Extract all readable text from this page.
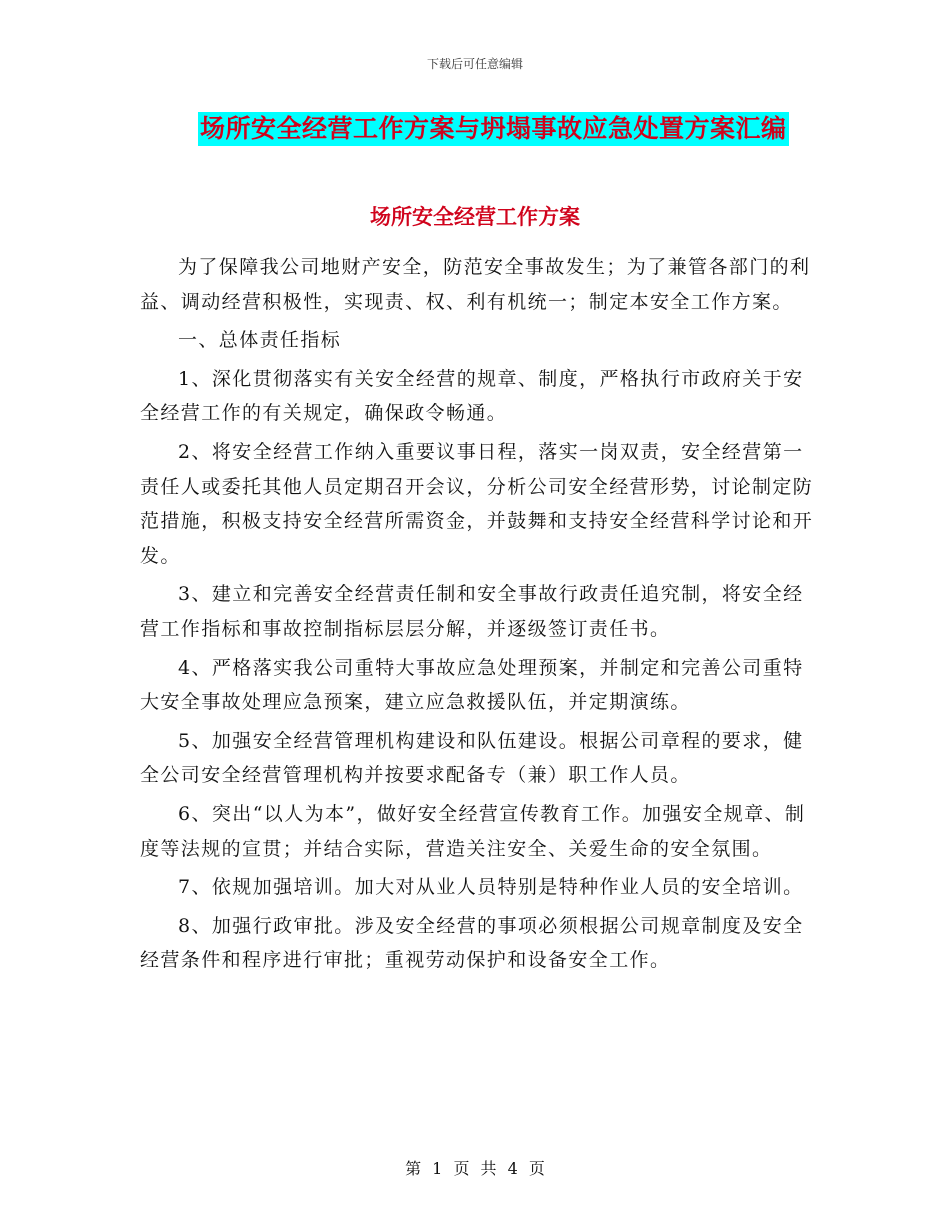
下载后可任意编辑
场所安全经营工作方案与坍塌事故应急处置方案汇编
场所安全经营工作方案

为了保障我公司地财产安全，防范安全事故发生；为了兼管各部门的利益、调动经营积极性，实现责、权、利有机统一；制定本安全工作方案。

一、总体责任指标

1、深化贯彻落实有关安全经营的规章、制度，严格执行市政府关于安全经营工作的有关规定，确保政令畅通。

2、将安全经营工作纳入重要议事日程，落实一岗双责，安全经营第一责任人或委托其他人员定期召开会议，分析公司安全经营形势，讨论制定防范措施，积极支持安全经营所需资金，并鼓舞和支持安全经营科学讨论和开发。

3、建立和完善安全经营责任制和安全事故行政责任追究制，将安全经营工作指标和事故控制指标层层分解，并逐级签订责任书。

4、严格落实我公司重特大事故应急处理预案，并制定和完善公司重特大安全事故处理应急预案，建立应急救援队伍，并定期演练。

5、加强安全经营管理机构建设和队伍建设。根据公司章程的要求，健全公司安全经营管理机构并按要求配备专（兼）职工作人员。

6、突出“以人为本”，做好安全经营宣传教育工作。加强安全规章、制度等法规的宣贯；并结合实际，营造关注安全、关爱生命的安全氛围。

7、依规加强培训。加大对从业人员特别是特种作业人员的安全培训。

8、加强行政审批。涉及安全经营的事项必须根据公司规章制度及安全经营条件和程序进行审批；重视劳动保护和设备安全工作。

第 1 页 共 4 页
